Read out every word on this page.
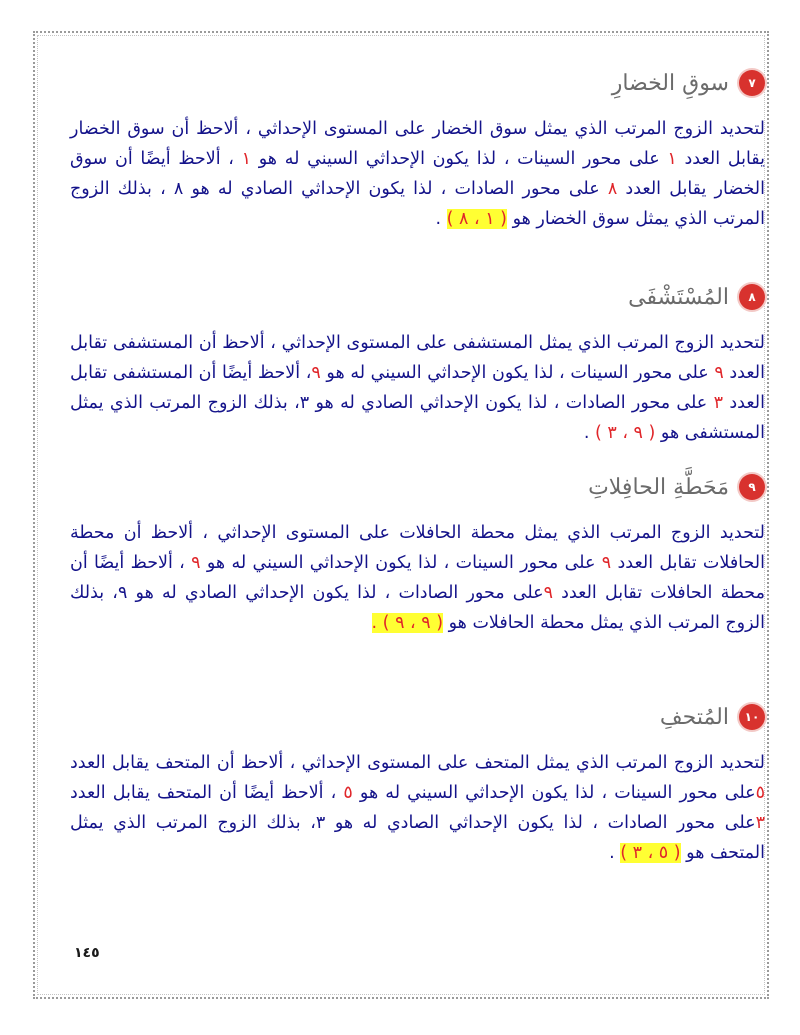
٧
سوقِ الخضارِ

لتحديد الزوج المرتب الذي يمثل سوق الخضار على المستوى الإحداثي ، ألاحظ أن سوق الخضار يقابل العدد ١ على محور السينات ، لذا يكون الإحداثي السيني له هو ١ ، ألاحظ أيضًا أن سوق الخضار يقابل العدد ٨ على محور الصادات ، لذا يكون الإحداثي الصادي له هو ٨ ، بذلك الزوج المرتب الذي يمثل سوق الخضار هو ( ١ ، ٨ ) .

٨
المُسْتَشْفَى

لتحديد الزوج المرتب الذي يمثل المستشفى على المستوى الإحداثي ، ألاحظ أن المستشفى تقابل العدد ٩ على محور السينات ، لذا يكون الإحداثي السيني له هو ٩، ألاحظ أيضًا أن المستشفى تقابل العدد ٣ على محور الصادات ، لذا يكون الإحداثي الصادي له هو ٣، بذلك الزوج المرتب الذي يمثل المستشفى هو ( ٩ ، ٣ ) .

٩
مَحَطَّةِ الحافِلاتِ

لتحديد الزوج المرتب الذي يمثل محطة الحافلات على المستوى الإحداثي ، ألاحظ أن محطة الحافلات تقابل العدد ٩ على محور السينات ، لذا يكون الإحداثي السيني له هو ٩ ، ألاحظ أيضًا أن محطة الحافلات تقابل العدد ٩على محور الصادات ، لذا يكون الإحداثي الصادي له هو ٩، بذلك الزوج المرتب الذي يمثل محطة الحافلات هو ( ٩ ، ٩ ) .

١٠
المُتحفِ

لتحديد الزوج المرتب الذي يمثل المتحف على المستوى الإحداثي ، ألاحظ أن المتحف يقابل العدد ٥على محور السينات ، لذا يكون الإحداثي السيني له هو ٥ ، ألاحظ أيضًا أن المتحف يقابل العدد ٣على محور الصادات ، لذا يكون الإحداثي الصادي له هو ٣، بذلك الزوج المرتب الذي يمثل المتحف هو ( ٥ ، ٣ ) .

١٤٥
